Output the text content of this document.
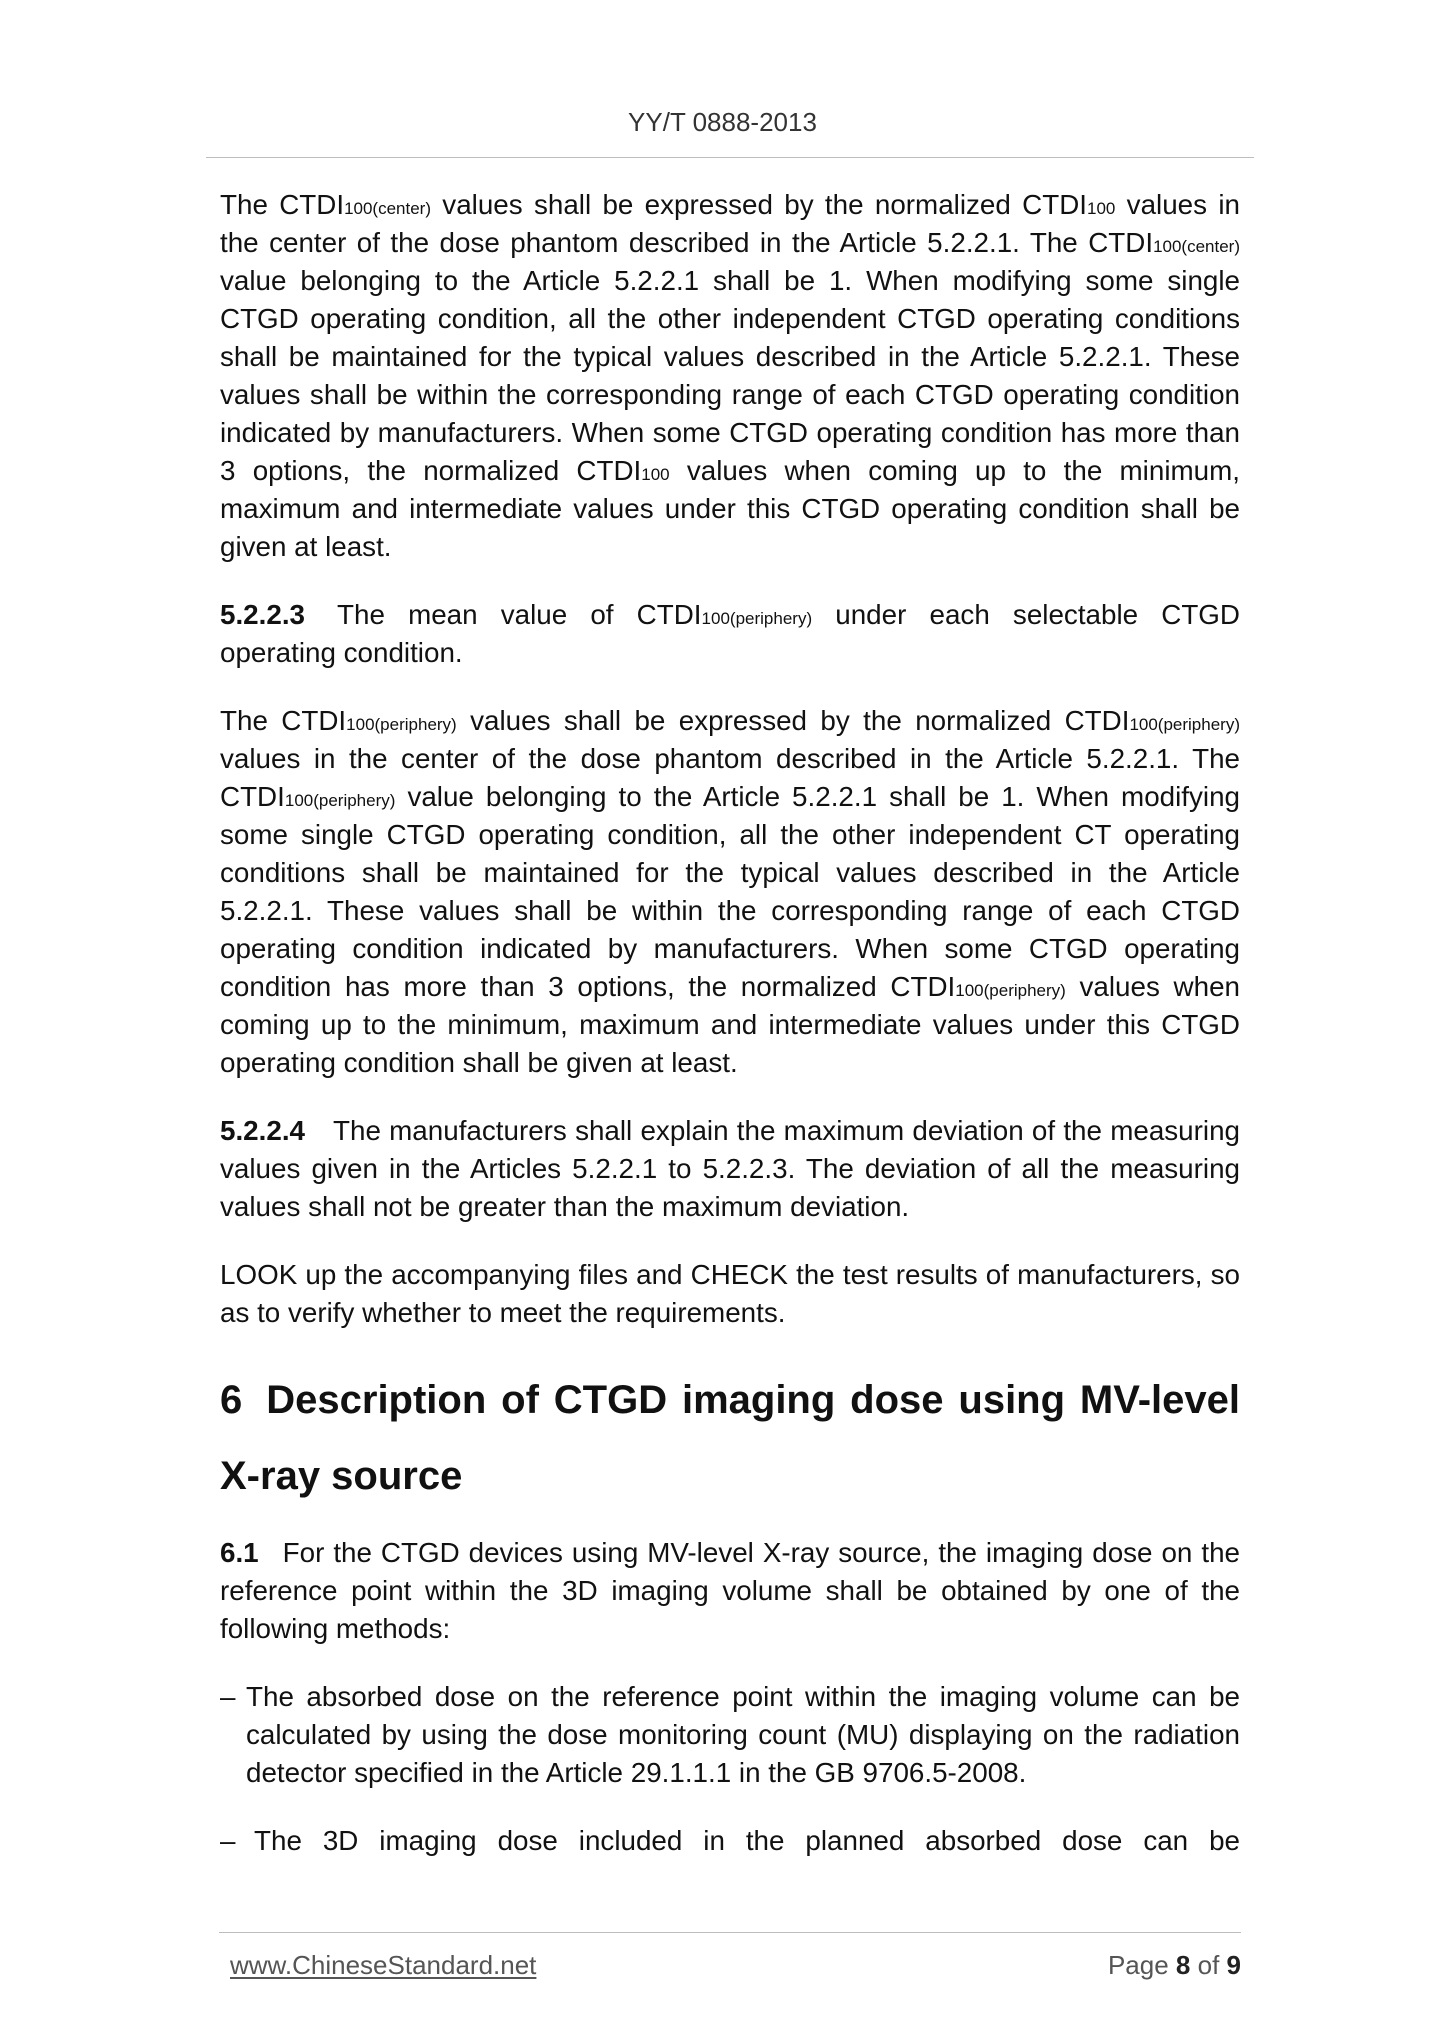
YY/T 0888-2013

The CTDI100(center) values shall be expressed by the normalized CTDI100 values in the center of the dose phantom described in the Article 5.2.2.1. The CTDI100(center) value belonging to the Article 5.2.2.1 shall be 1. When modifying some single CTGD operating condition, all the other independent CTGD operating conditions shall be maintained for the typical values described in the Article 5.2.2.1. These values shall be within the corresponding range of each CTGD operating condition indicated by manufacturers. When some CTGD operating condition has more than 3 options, the normalized CTDI100 values when coming up to the minimum, maximum and intermediate values under this CTGD operating condition shall be given at least.

5.2.2.3 The mean value of CTDI100(periphery) under each selectable CTGD operating condition.

The CTDI100(periphery) values shall be expressed by the normalized CTDI100(periphery) values in the center of the dose phantom described in the Article 5.2.2.1. The CTDI100(periphery) value belonging to the Article 5.2.2.1 shall be 1. When modifying some single CTGD operating condition, all the other independent CT operating conditions shall be maintained for the typical values described in the Article 5.2.2.1. These values shall be within the corresponding range of each CTGD operating condition indicated by manufacturers. When some CTGD operating condition has more than 3 options, the normalized CTDI100(periphery) values when coming up to the minimum, maximum and intermediate values under this CTGD operating condition shall be given at least.

5.2.2.4 The manufacturers shall explain the maximum deviation of the measuring values given in the Articles 5.2.2.1 to 5.2.2.3. The deviation of all the measuring values shall not be greater than the maximum deviation.

LOOK up the accompanying files and CHECK the test results of manufacturers, so as to verify whether to meet the requirements.

6 Description of CTGD imaging dose using MV-level X-ray source

6.1 For the CTGD devices using MV-level X-ray source, the imaging dose on the reference point within the 3D imaging volume shall be obtained by one of the following methods:

– The absorbed dose on the reference point within the imaging volume can be calculated by using the dose monitoring count (MU) displaying on the radiation detector specified in the Article 29.1.1.1 in the GB 9706.5-2008.
– The 3D imaging dose included in the planned absorbed dose can be
www.ChineseStandard.net	Page 8 of 9
